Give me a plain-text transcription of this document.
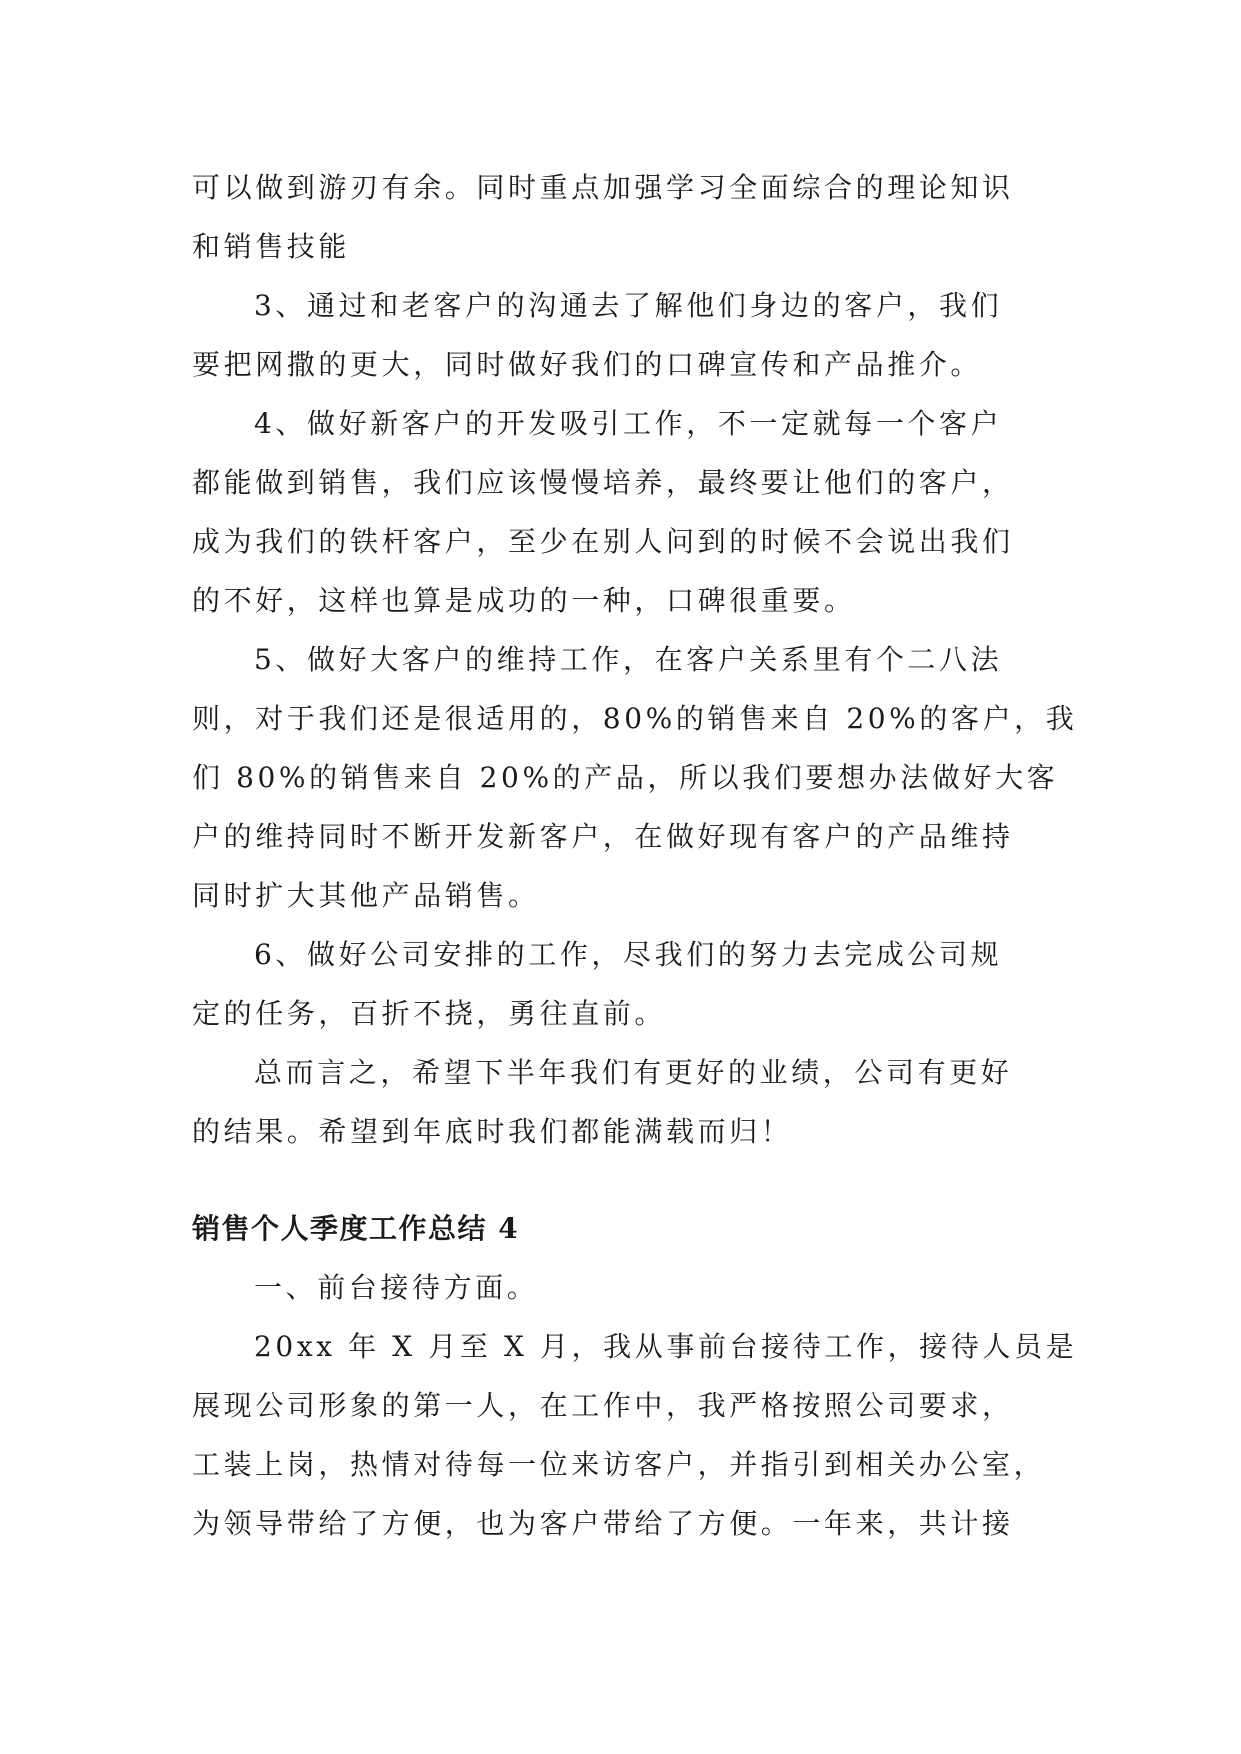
可以做到游刃有余。同时重点加强学习全面综合的理论知识
和销售技能

3、通过和老客户的沟通去了解他们身边的客户，我们
要把网撒的更大，同时做好我们的口碑宣传和产品推介。

4、做好新客户的开发吸引工作，不一定就每一个客户
都能做到销售，我们应该慢慢培养，最终要让他们的客户，
成为我们的铁杆客户，至少在别人问到的时候不会说出我们
的不好，这样也算是成功的一种，口碑很重要。

5、做好大客户的维持工作，在客户关系里有个二八法
则，对于我们还是很适用的，80%的销售来自 20%的客户，我
们 80%的销售来自 20%的产品，所以我们要想办法做好大客
户的维持同时不断开发新客户，在做好现有客户的产品维持
同时扩大其他产品销售。

6、做好公司安排的工作，尽我们的努力去完成公司规
定的任务，百折不挠，勇往直前。

总而言之，希望下半年我们有更好的业绩，公司有更好
的结果。希望到年底时我们都能满载而归！

销售个人季度工作总结 4

一、前台接待方面。

20xx 年 X 月至 X 月，我从事前台接待工作，接待人员是
展现公司形象的第一人，在工作中，我严格按照公司要求，
工装上岗，热情对待每一位来访客户，并指引到相关办公室，
为领导带给了方便，也为客户带给了方便。一年来，共计接
